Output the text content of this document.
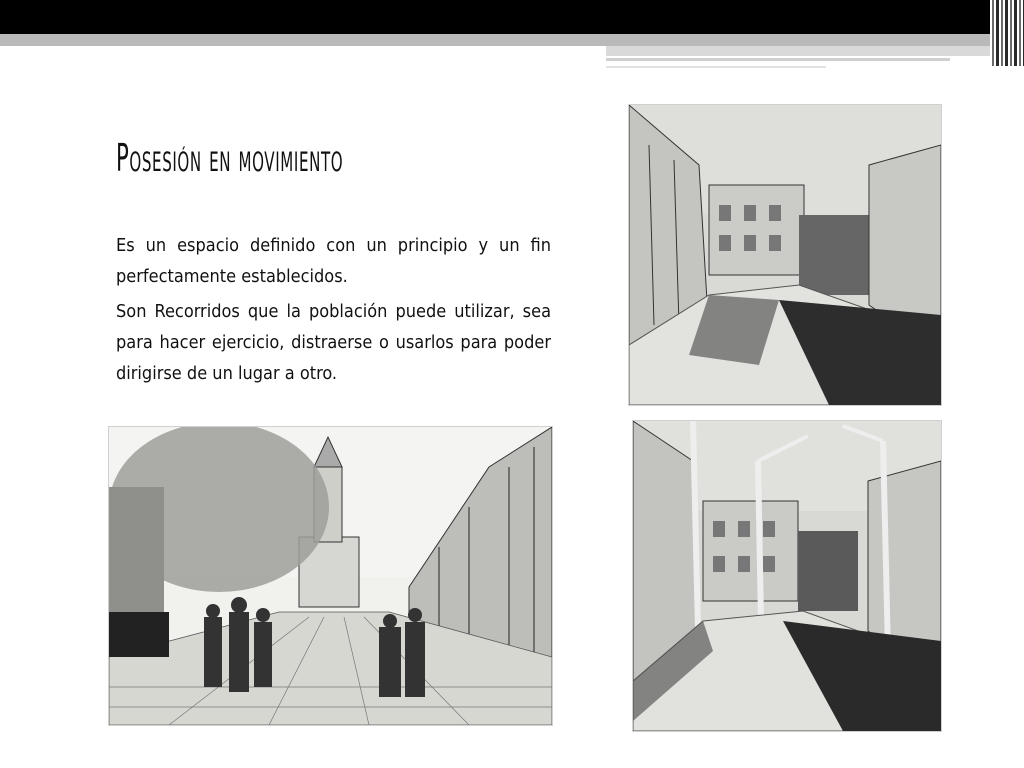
Posesión en movimiento

Es un espacio definido con un principio y un fin perfectamente establecidos.

Son Recorridos que la población puede utilizar, sea para hacer ejercicio, distraerse o usarlos para poder dirigirse de un lugar a otro.
